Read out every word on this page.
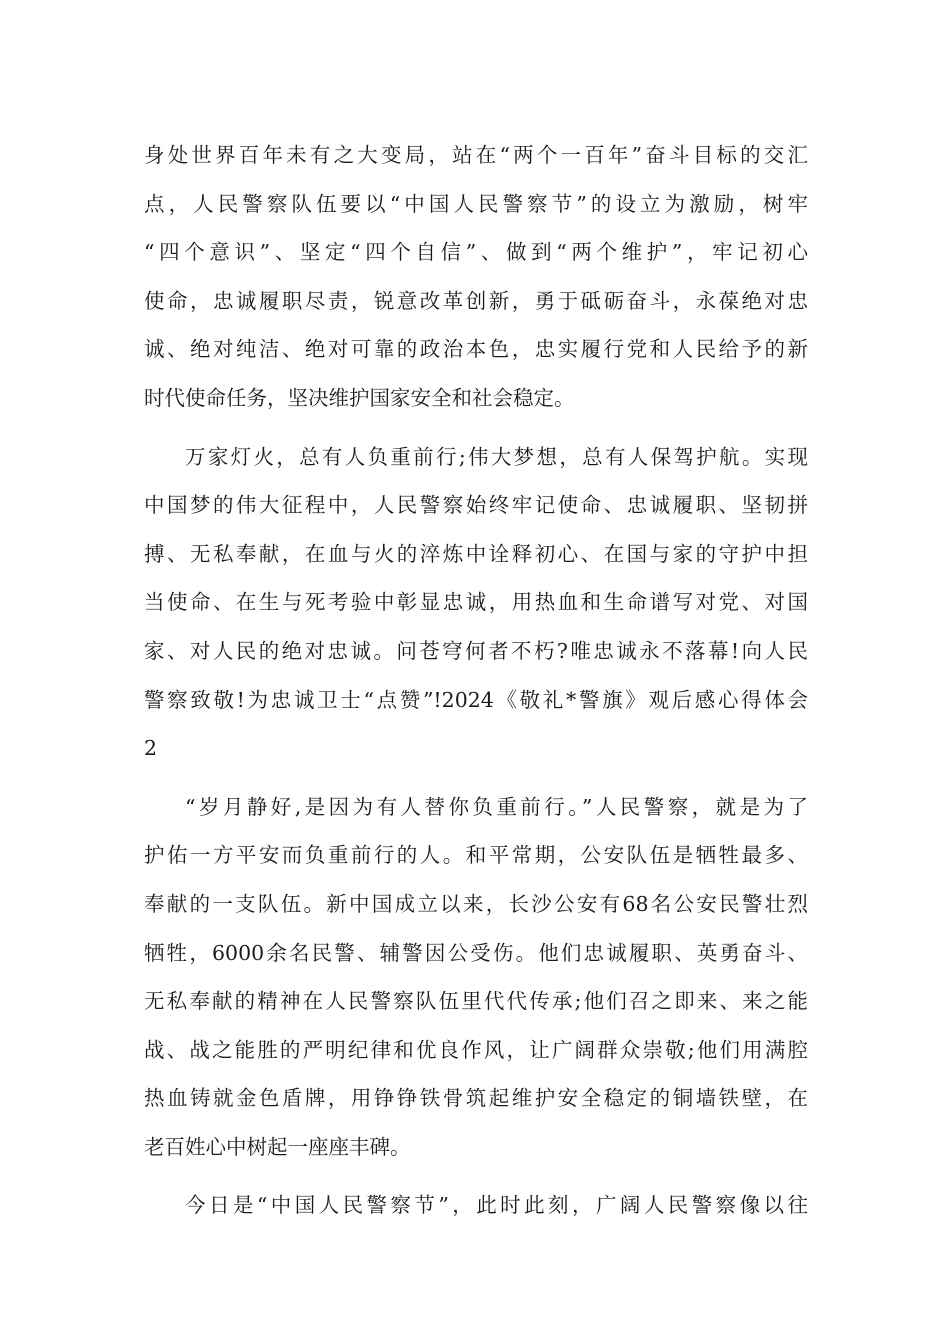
身处世界百年未有之大变局，站在“两个一百年”奋斗目标的交汇
点，人民警察队伍要以“中国人民警察节”的设立为激励，树牢
“四个意识”、坚定“四个自信”、做到“两个维护”，牢记初心
使命，忠诚履职尽责，锐意改革创新，勇于砥砺奋斗，永葆绝对忠
诚、绝对纯洁、绝对可靠的政治本色，忠实履行党和人民给予的新
时代使命任务，坚决维护国家安全和社会稳定。
万家灯火，总有人负重前行;伟大梦想，总有人保驾护航。实现
中国梦的伟大征程中，人民警察始终牢记使命、忠诚履职、坚韧拼
搏、无私奉献，在血与火的淬炼中诠释初心、在国与家的守护中担
当使命、在生与死考验中彰显忠诚，用热血和生命谱写对党、对国
家、对人民的绝对忠诚。问苍穹何者不朽?唯忠诚永不落幕!向人民
警察致敬!为忠诚卫士“点赞”!2024《敬礼*警旗》观后感心得体会
2
“岁月静好,是因为有人替你负重前行。”人民警察，就是为了
护佑一方平安而负重前行的人。和平常期，公安队伍是牺牲最多、
奉献的一支队伍。新中国成立以来，长沙公安有68名公安民警壮烈
牺牲，6000余名民警、辅警因公受伤。他们忠诚履职、英勇奋斗、
无私奉献的精神在人民警察队伍里代代传承;他们召之即来、来之能
战、战之能胜的严明纪律和优良作风，让广阔群众崇敬;他们用满腔
热血铸就金色盾牌，用铮铮铁骨筑起维护安全稳定的铜墙铁壁，在
老百姓心中树起一座座丰碑。
今日是“中国人民警察节”，此时此刻，广阔人民警察像以往
